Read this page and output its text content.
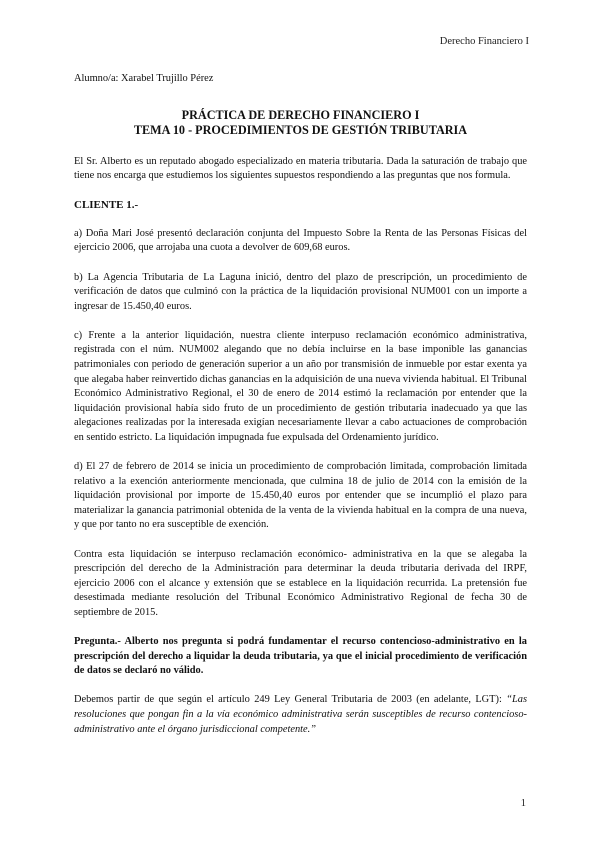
Derecho Financiero I

Alumno/a: Xarabel Trujillo Pérez

PRÁCTICA DE DERECHO FINANCIERO I

TEMA 10 - PROCEDIMIENTOS DE GESTIÓN TRIBUTARIA

El Sr. Alberto es un reputado abogado especializado en materia tributaria. Dada la saturación de trabajo que tiene nos encarga que estudiemos los siguientes supuestos respondiendo a las preguntas que nos formula.

CLIENTE 1.-

a) Doña Mari José presentó declaración conjunta del Impuesto Sobre la Renta de las Personas Físicas del ejercicio 2006, que arrojaba una cuota a devolver de 609,68 euros.

b) La Agencia Tributaria de La Laguna inició, dentro del plazo de prescripción, un procedimiento de verificación de datos que culminó con la práctica de la liquidación provisional NUM001 con un importe a ingresar de 15.450,40 euros.

c) Frente a la anterior liquidación, nuestra cliente interpuso reclamación económico administrativa, registrada con el núm. NUM002 alegando que no debía incluirse en la base imponible las ganancias patrimoniales con periodo de generación superior a un año por transmisión de inmueble por estar exenta ya que alegaba haber reinvertido dichas ganancias en la adquisición de una nueva vivienda habitual. El Tribunal Económico Administrativo Regional, el 30 de enero de 2014 estimó la reclamación por entender que la liquidación provisional había sido fruto de un procedimiento de gestión tributaria inadecuado ya que las alegaciones realizadas por la interesada exigían necesariamente llevar a cabo actuaciones de comprobación en sentido estricto. La liquidación impugnada fue expulsada del Ordenamiento jurídico.

d) El 27 de febrero de 2014 se inicia un procedimiento de comprobación limitada, comprobación limitada relativo a la exención anteriormente mencionada, que culmina 18 de julio de 2014 con la emisión de la liquidación provisional por importe de 15.450,40 euros por entender que se incumplió el plazo para materializar la ganancia patrimonial obtenida de la venta de la vivienda habitual en la compra de una nueva, y que por tanto no era susceptible de exención.

Contra esta liquidación se interpuso reclamación económico- administrativa en la que se alegaba la prescripción del derecho de la Administración para determinar la deuda tributaria derivada del IRPF, ejercicio 2006 con el alcance y extensión que se establece en la liquidación recurrida. La pretensión fue desestimada mediante resolución del Tribunal Económico Administrativo Regional de fecha 30 de septiembre de 2015.

Pregunta.- Alberto nos pregunta si podrá fundamentar el recurso contencioso-administrativo en la prescripción del derecho a liquidar la deuda tributaria, ya que el inicial procedimiento de verificación de datos se declaró no válido.

Debemos partir de que según el artículo 249 Ley General Tributaria de 2003 (en adelante, LGT): “Las resoluciones que pongan fin a la vía económico administrativa serán susceptibles de recurso contencioso-administrativo ante el órgano jurisdiccional competente.”

1
